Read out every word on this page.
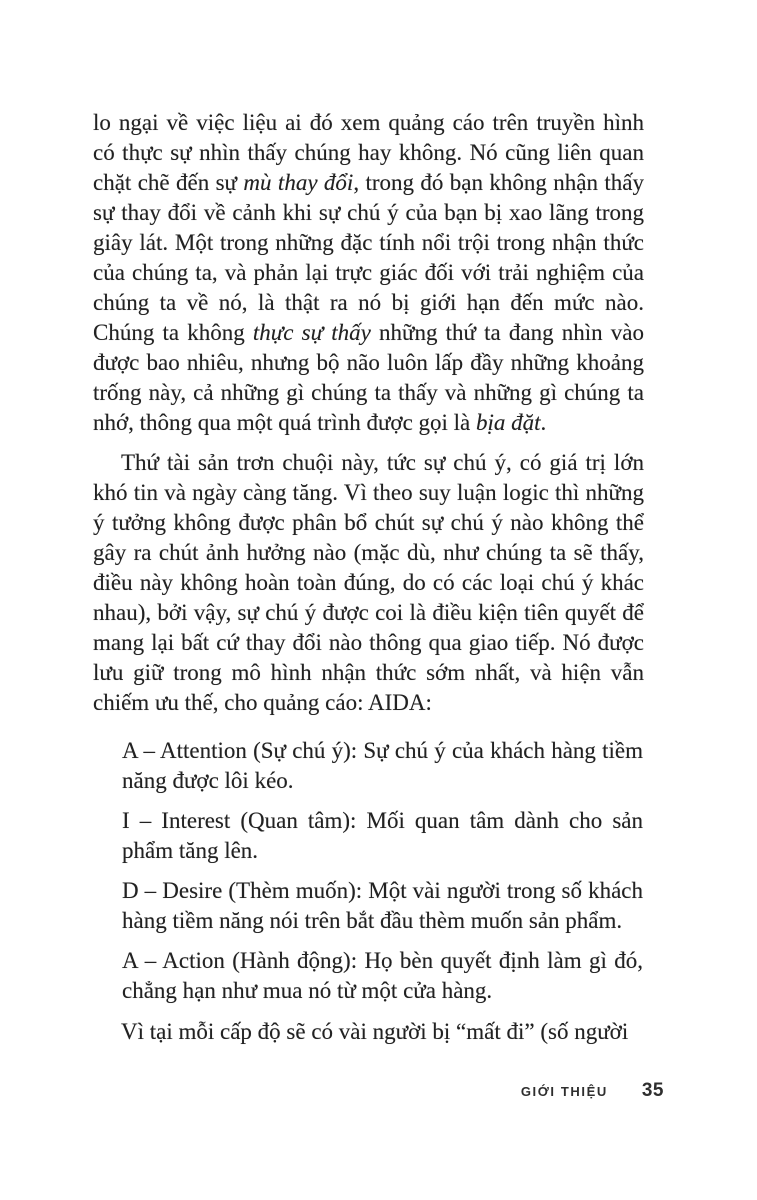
lo ngại về việc liệu ai đó xem quảng cáo trên truyền hình có thực sự nhìn thấy chúng hay không. Nó cũng liên quan chặt chẽ đến sự mù thay đổi, trong đó bạn không nhận thấy sự thay đổi về cảnh khi sự chú ý của bạn bị xao lãng trong giây lát. Một trong những đặc tính nổi trội trong nhận thức của chúng ta, và phản lại trực giác đối với trải nghiệm của chúng ta về nó, là thật ra nó bị giới hạn đến mức nào. Chúng ta không thực sự thấy những thứ ta đang nhìn vào được bao nhiêu, nhưng bộ não luôn lấp đầy những khoảng trống này, cả những gì chúng ta thấy và những gì chúng ta nhớ, thông qua một quá trình được gọi là bịa đặt.

Thứ tài sản trơn chuội này, tức sự chú ý, có giá trị lớn khó tin và ngày càng tăng. Vì theo suy luận logic thì những ý tưởng không được phân bổ chút sự chú ý nào không thể gây ra chút ảnh hưởng nào (mặc dù, như chúng ta sẽ thấy, điều này không hoàn toàn đúng, do có các loại chú ý khác nhau), bởi vậy, sự chú ý được coi là điều kiện tiên quyết để mang lại bất cứ thay đổi nào thông qua giao tiếp. Nó được lưu giữ trong mô hình nhận thức sớm nhất, và hiện vẫn chiếm ưu thế, cho quảng cáo: AIDA:

A – Attention (Sự chú ý): Sự chú ý của khách hàng tiềm năng được lôi kéo.

I – Interest (Quan tâm): Mối quan tâm dành cho sản phẩm tăng lên.

D – Desire (Thèm muốn): Một vài người trong số khách hàng tiềm năng nói trên bắt đầu thèm muốn sản phẩm.

A – Action (Hành động): Họ bèn quyết định làm gì đó, chẳng hạn như mua nó từ một cửa hàng.

Vì tại mỗi cấp độ sẽ có vài người bị “mất đi” (số người

GIỚI THIỆU 35
